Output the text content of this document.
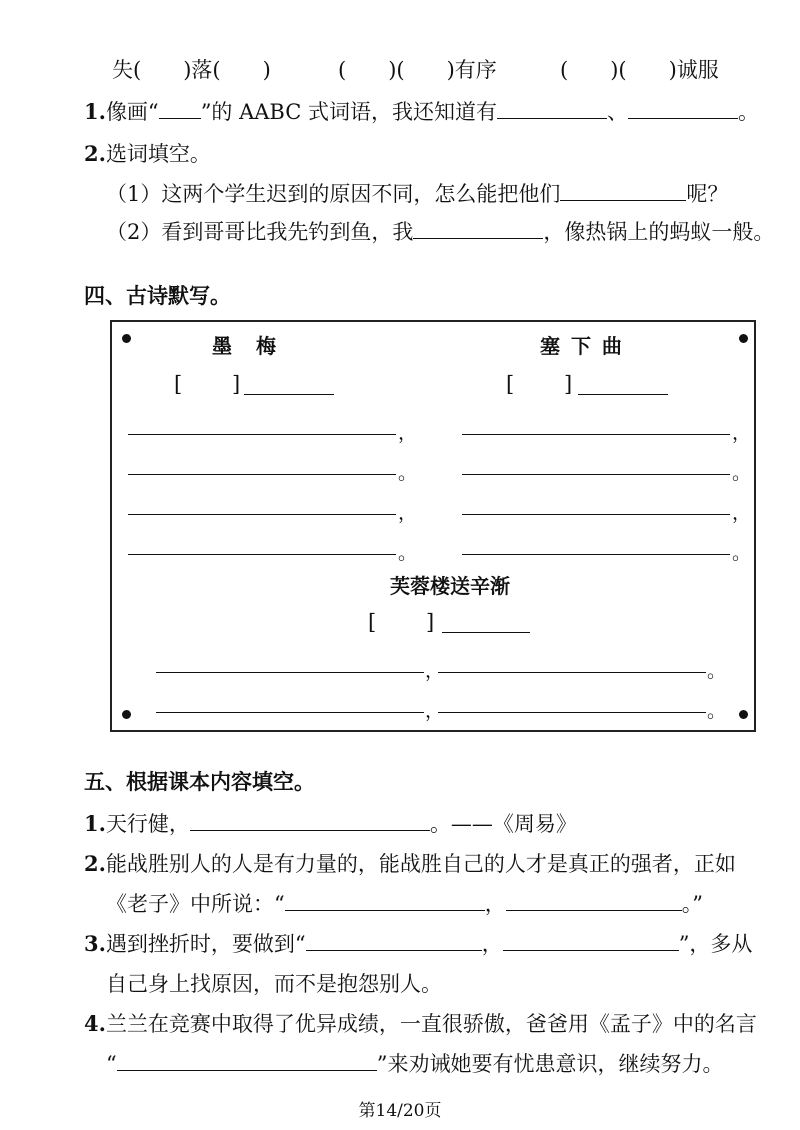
失(　　)落(　　)	(　　)(　　)有序	(　　)(　　)诚服
1.像画“ ”的 AABC 式词语，我还知道有	、	。
2.选词填空。
（1）这两个学生迟到的原因不同，怎么能把他们	呢？
（2）看到哥哥比我先钓到鱼，我	，像热锅上的蚂蚁一般。
四、古诗默写。
墨　梅
[ ]
，
。
，
。
塞 下 曲
[ ]
，
。
，
。
芙蓉楼送辛渐
[ ]
，	。
，	。
五、根据课本内容填空。
1.天行健，	。——《周易》
2.能战胜别人的人是有力量的，能战胜自己的人才是真正的强者，正如
《老子》中所说：“	，	。”
3.遇到挫折时，要做到“	，	”，多从
自己身上找原因，而不是抱怨别人。
4.兰兰在竞赛中取得了优异成绩，一直很骄傲，爸爸用《孟子》中的名言
“	”来劝诫她要有忧患意识，继续努力。
第14/20页
